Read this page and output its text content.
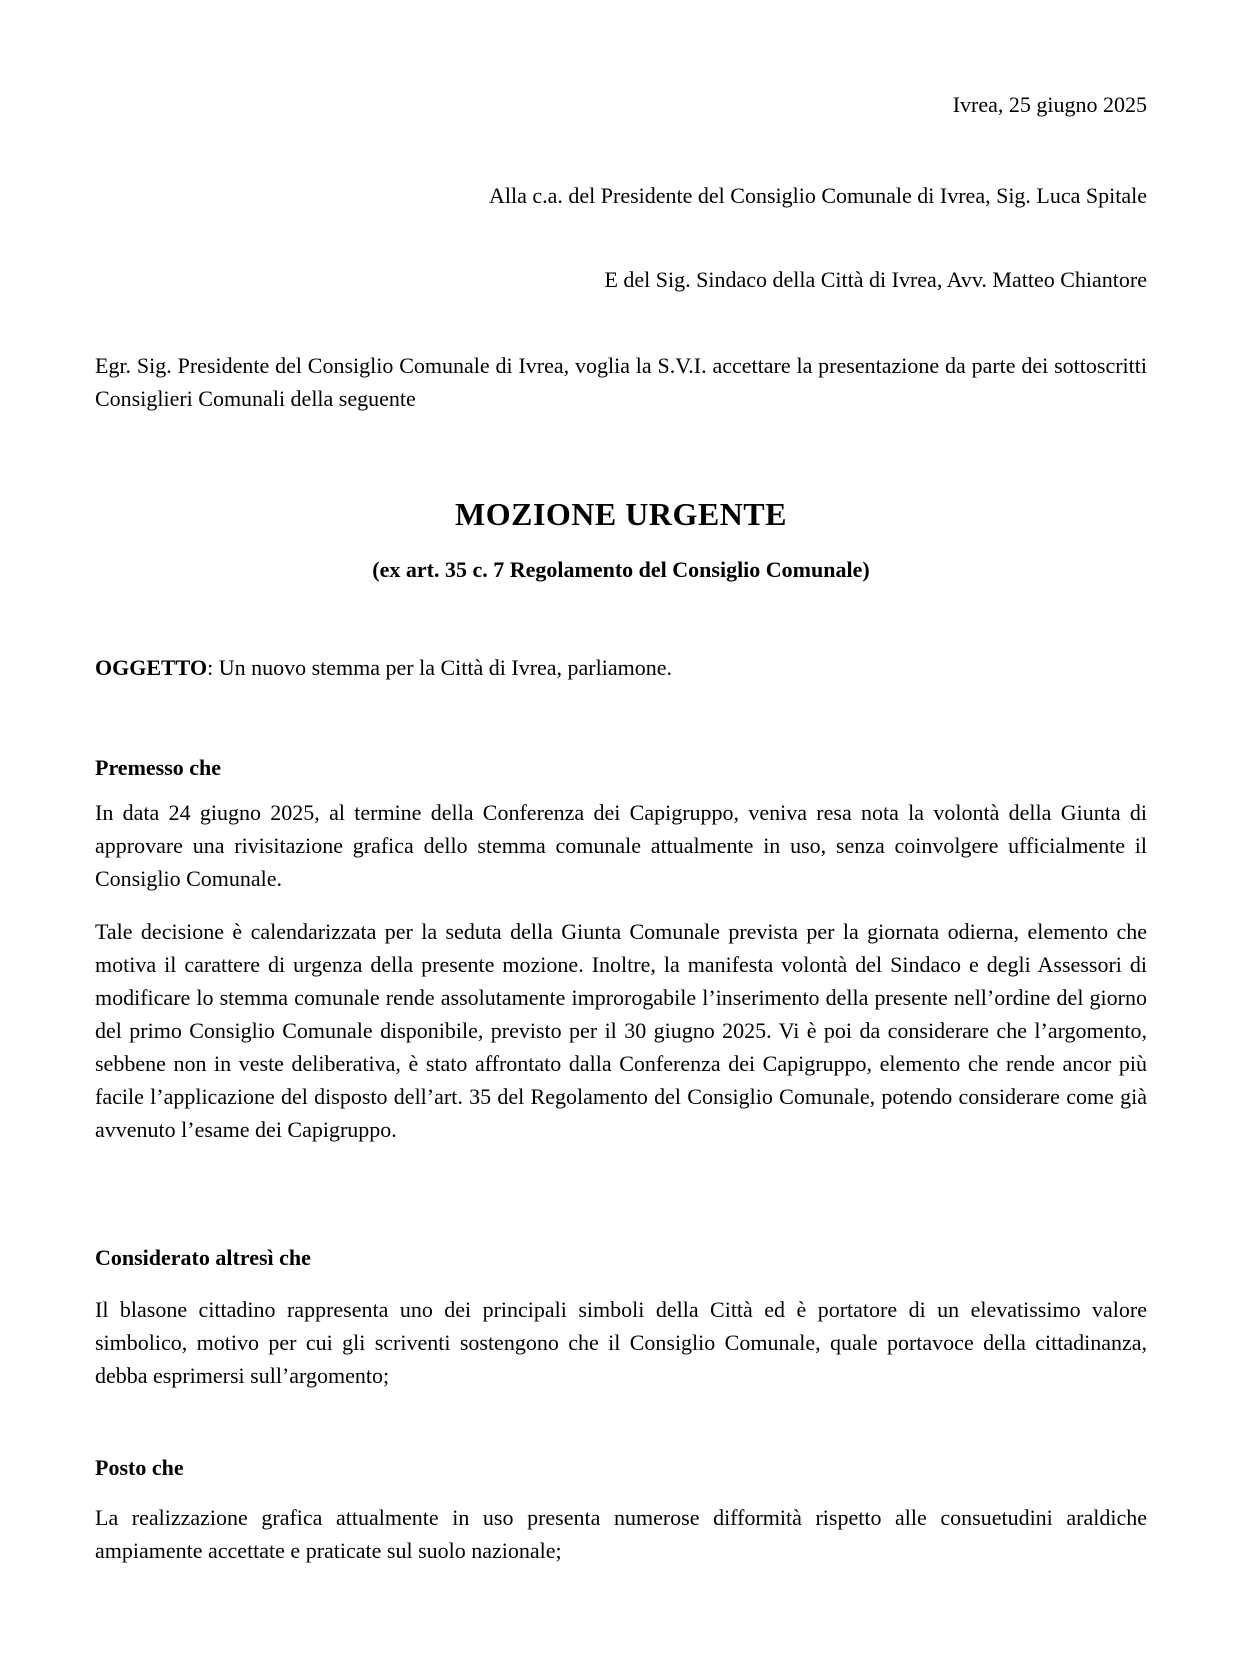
Ivrea, 25 giugno 2025

Alla c.a. del Presidente del Consiglio Comunale di Ivrea, Sig. Luca Spitale

E del Sig. Sindaco della Città di Ivrea, Avv. Matteo Chiantore

Egr. Sig. Presidente del Consiglio Comunale di Ivrea, voglia la S.V.I. accettare la presentazione da parte dei sottoscritti Consiglieri Comunali della seguente

MOZIONE URGENTE

(ex art. 35 c. 7 Regolamento del Consiglio Comunale)

OGGETTO: Un nuovo stemma per la Città di Ivrea, parliamone.

Premesso che

In data 24 giugno 2025, al termine della Conferenza dei Capigruppo, veniva resa nota la volontà della Giunta di approvare una rivisitazione grafica dello stemma comunale attualmente in uso, senza coinvolgere ufficialmente il Consiglio Comunale.

Tale decisione è calendarizzata per la seduta della Giunta Comunale prevista per la giornata odierna, elemento che motiva il carattere di urgenza della presente mozione. Inoltre, la manifesta volontà del Sindaco e degli Assessori di modificare lo stemma comunale rende assolutamente improrogabile l’inserimento della presente nell’ordine del giorno del primo Consiglio Comunale disponibile, previsto per il 30 giugno 2025. Vi è poi da considerare che l’argomento, sebbene non in veste deliberativa, è stato affrontato dalla Conferenza dei Capigruppo, elemento che rende ancor più facile l’applicazione del disposto dell’art. 35 del Regolamento del Consiglio Comunale, potendo considerare come già avvenuto l’esame dei Capigruppo.

Considerato altresì che

Il blasone cittadino rappresenta uno dei principali simboli della Città ed è portatore di un elevatissimo valore simbolico, motivo per cui gli scriventi sostengono che il Consiglio Comunale, quale portavoce della cittadinanza, debba esprimersi sull’argomento;

Posto che

La realizzazione grafica attualmente in uso presenta numerose difformità rispetto alle consuetudini araldiche ampiamente accettate e praticate sul suolo nazionale;
